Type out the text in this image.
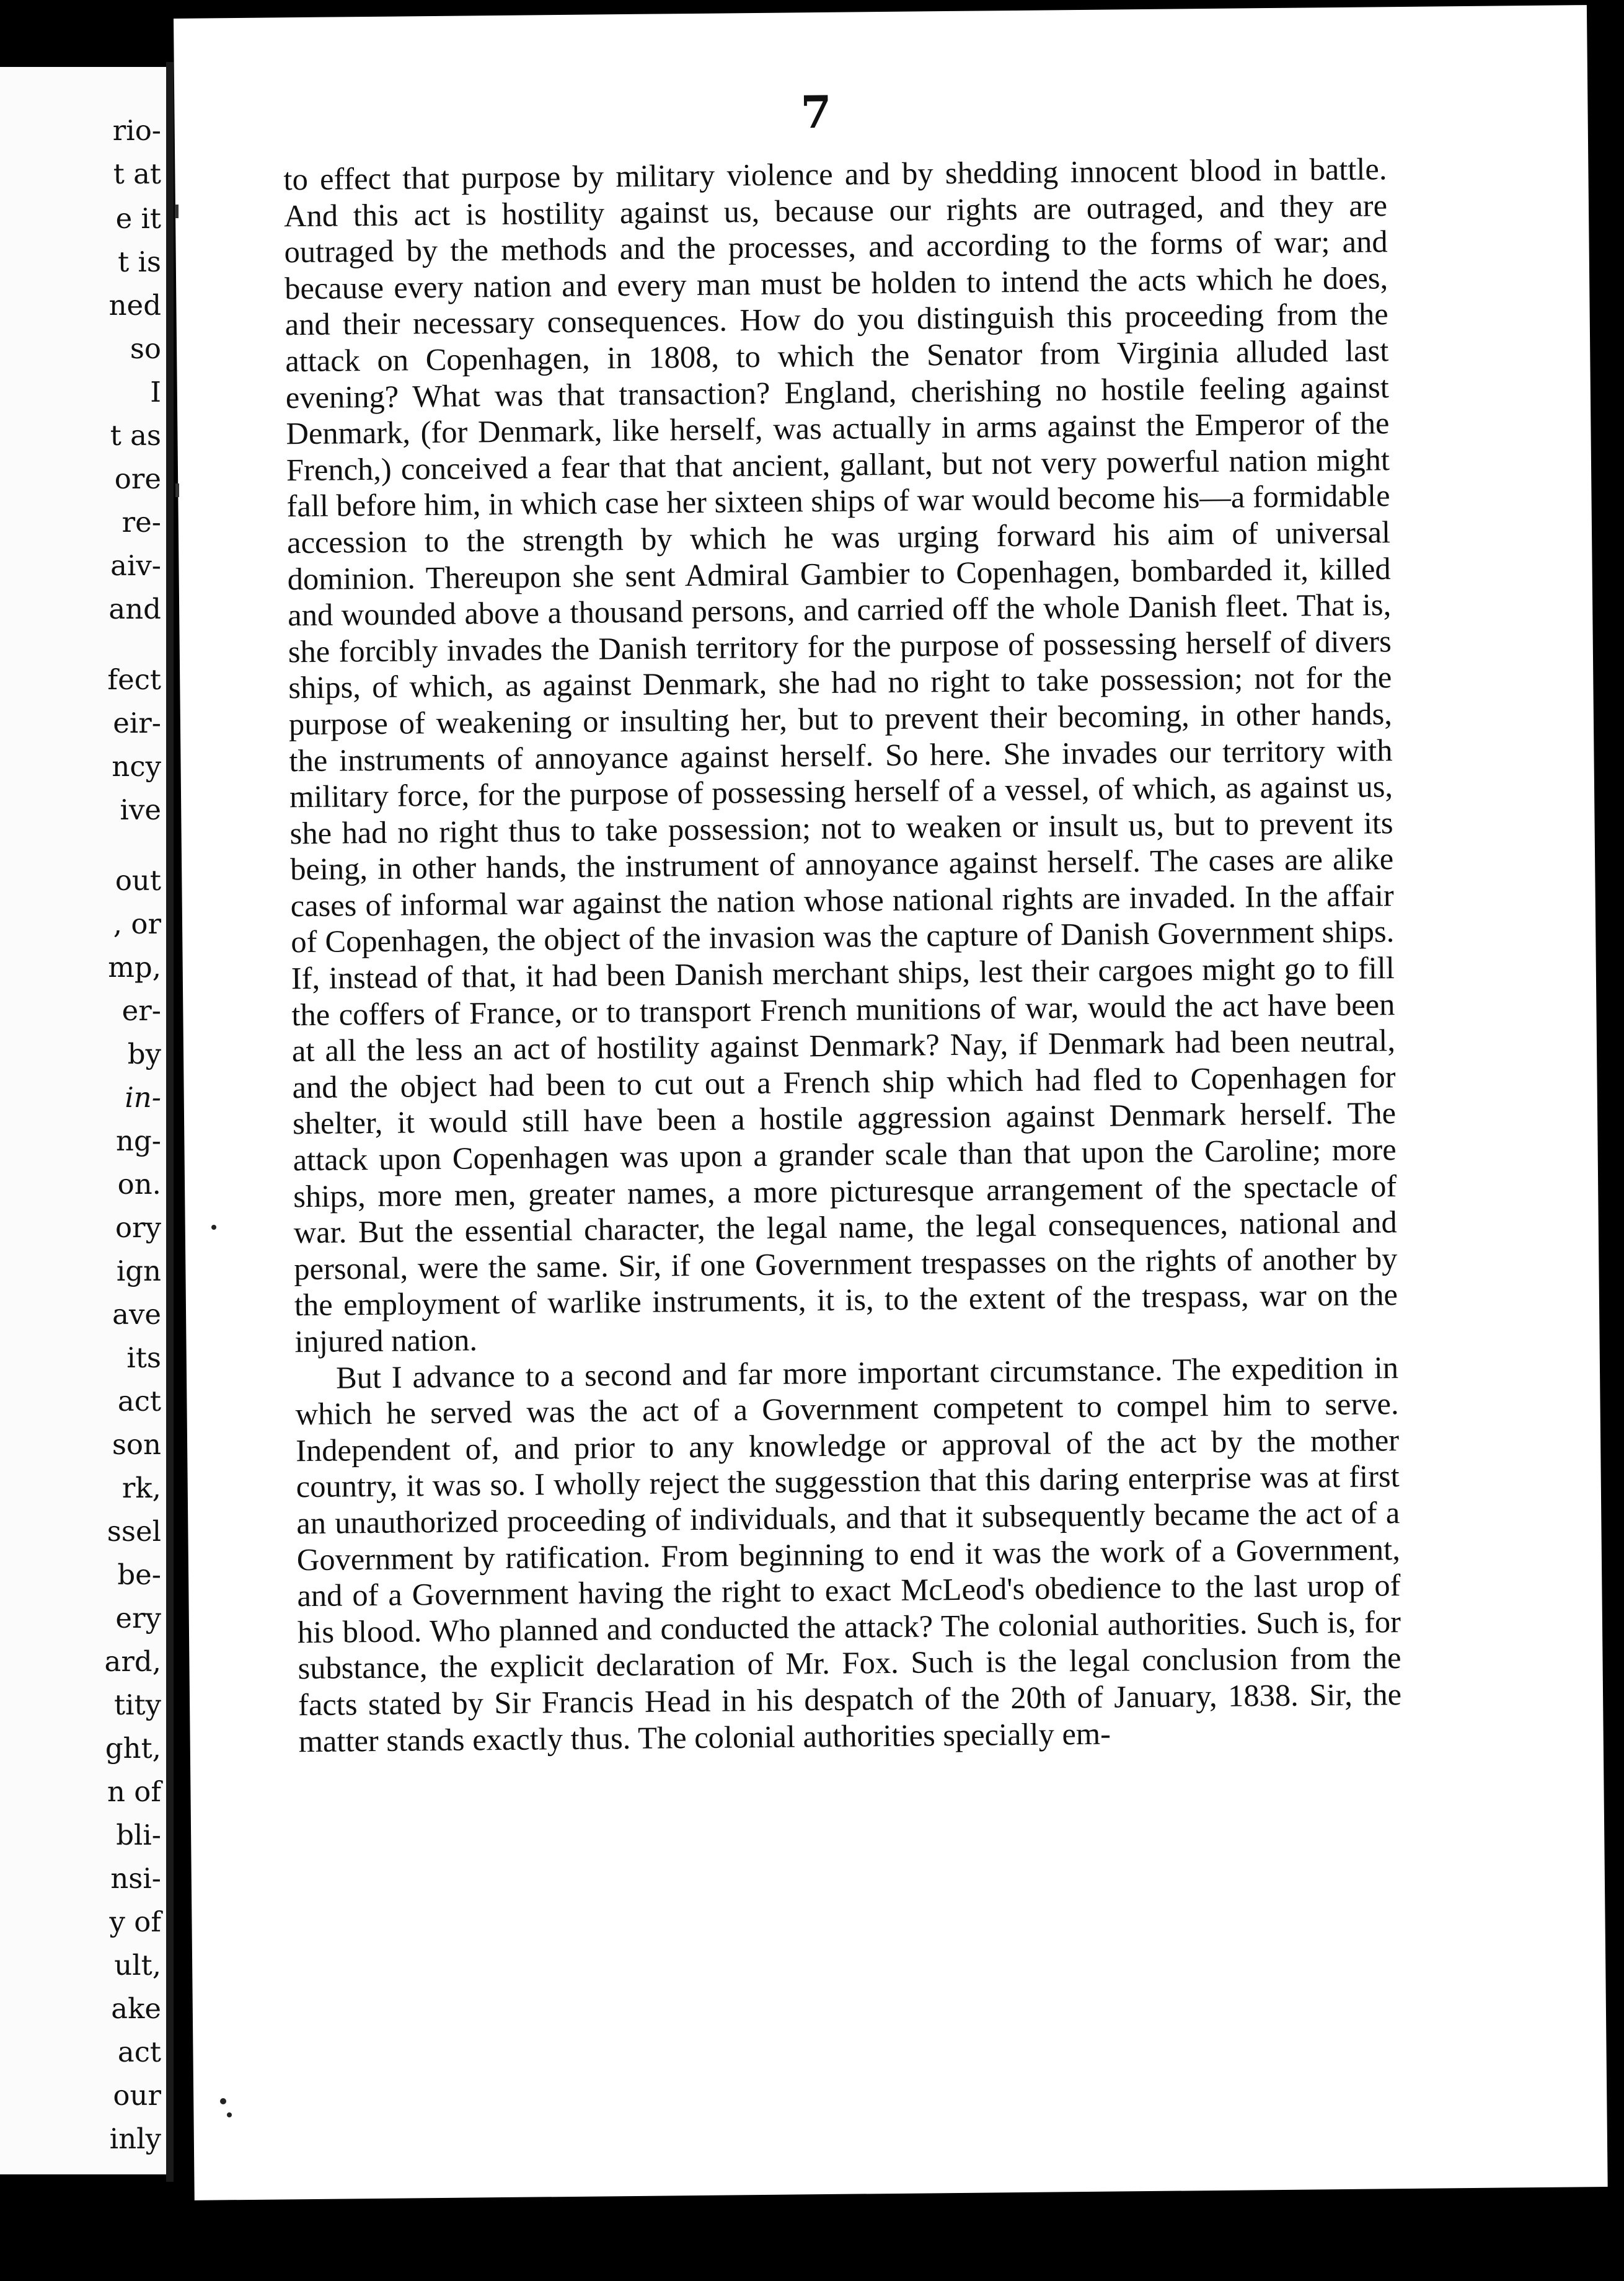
rio-
t at
e it
t is
ned
so
I
t as
ore
re-
aiv-
and
fect
eir-
ncy
ive
out
, or
mp,
er-
by
in-
ng-
on.
ory
ign
ave
its
act
son
rk,
ssel
be-
ery
ard,
tity
ght,
n of
bli-
nsi-
y of
ult,
ake
act
our
inly
7

to effect that purpose by military violence and by shedding innocent blood in battle. And this act is hostility against us, because our rights are outraged, and they are outraged by the methods and the processes, and according to the forms of war; and because every nation and every man must be holden to intend the acts which he does, and their necessary consequences. How do you distinguish this proceeding from the attack on Copenhagen, in 1808, to which the Senator from Virginia alluded last evening? What was that transaction? England, cherishing no hostile feeling against Denmark, (for Denmark, like herself, was actually in arms against the Emperor of the French,) conceived a fear that that ancient, gallant, but not very powerful nation might fall before him, in which case her sixteen ships of war would become his—a formidable accession to the strength by which he was urging forward his aim of universal dominion. Thereupon she sent Admiral Gambier to Copenhagen, bombarded it, killed and wounded above a thousand persons, and carried off the whole Danish fleet. That is, she forcibly invades the Danish territory for the purpose of possessing herself of divers ships, of which, as against Denmark, she had no right to take possession; not for the purpose of weakening or insulting her, but to prevent their becoming, in other hands, the instruments of annoyance against herself. So here. She invades our territory with military force, for the purpose of possessing herself of a vessel, of which, as against us, she had no right thus to take possession; not to weaken or insult us, but to prevent its being, in other hands, the instrument of annoyance against herself. The cases are alike cases of informal war against the nation whose national rights are invaded. In the affair of Copenhagen, the object of the invasion was the capture of Danish Government ships. If, instead of that, it had been Danish merchant ships, lest their cargoes might go to fill the coffers of France, or to transport French munitions of war, would the act have been at all the less an act of hostility against Denmark? Nay, if Denmark had been neutral, and the object had been to cut out a French ship which had fled to Copenhagen for shelter, it would still have been a hostile aggression against Denmark herself. The attack upon Copenhagen was upon a grander scale than that upon the Caroline; more ships, more men, greater names, a more picturesque arrangement of the spectacle of war. But the essential character, the legal name, the legal consequences, national and personal, were the same. Sir, if one Government trespasses on the rights of another by the employment of warlike instruments, it is, to the extent of the trespass, war on the injured nation.

But I advance to a second and far more important circumstance. The expedition in which he served was the act of a Government competent to compel him to serve. Independent of, and prior to any knowledge or approval of the act by the mother country, it was so. I wholly reject the suggesstion that this daring enterprise was at first an unauthorized proceeding of individuals, and that it subsequently became the act of a Government by ratification. From beginning to end it was the work of a Government, and of a Government having the right to exact McLeod's obedience to the last urop of his blood. Who planned and conducted the attack? The colonial authorities. Such is, for substance, the explicit declaration of Mr. Fox. Such is the legal conclusion from the facts stated by Sir Francis Head in his despatch of the 20th of January, 1838. Sir, the matter stands exactly thus. The colonial authorities specially em-
